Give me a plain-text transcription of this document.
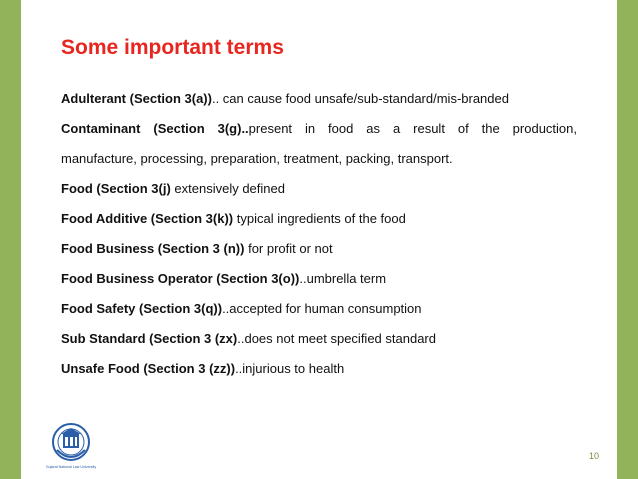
Some important terms
Adulterant (Section 3(a)).. can cause food unsafe/sub-standard/mis-branded
Contaminant (Section 3(g)..present in food as a result of the production,
manufacture, processing, preparation, treatment, packing, transport.
Food (Section 3(j) extensively defined
Food Additive (Section 3(k)) typical ingredients of the food
Food Business (Section 3 (n)) for profit or not
Food Business Operator (Section 3(o))..umbrella term
Food Safety (Section 3(q))..accepted for human consumption
Sub Standard (Section 3 (zx)..does not meet specified standard
Unsafe Food (Section 3 (zz))..injurious to health
Gujarat National Law University
10
